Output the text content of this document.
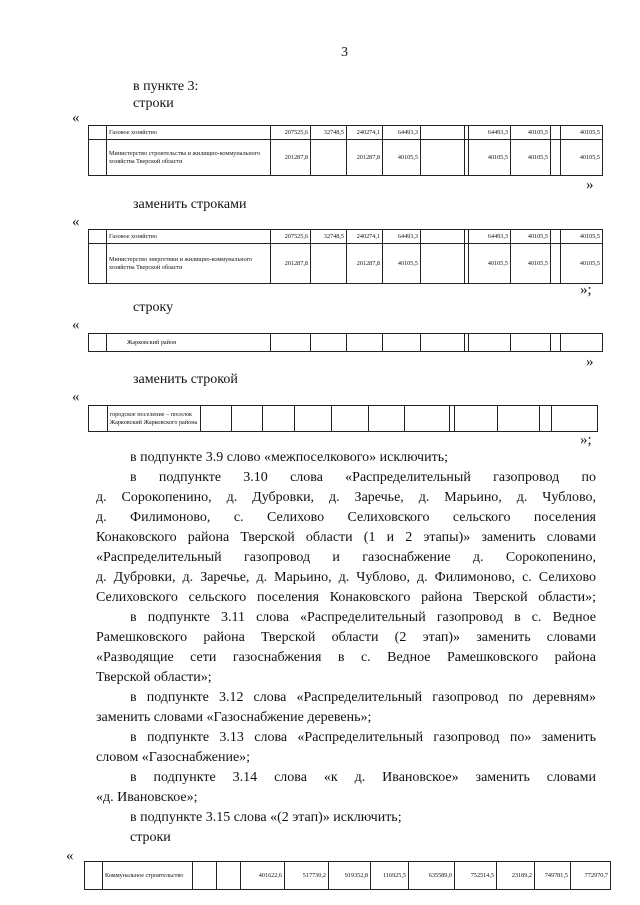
3
в пункте 3:
строки
«
	Газовое хозяйство	207525,6	32748,5	240274,1	64493,3			64493,3	40105,5		40105,5
	Министерство строительства и жилищно-коммунального хозяйства Тверской области	201287,8		201287,8	40105,5			40105,5	40105,5		40105,5
»
заменить строками
«
	Газовое хозяйство	207525,6	32748,5	240274,1	64493,3			64493,3	40105,5		40105,5
	Министерство энергетики и жилищно-коммунального хозяйства Тверской области	201287,8		201287,8	40105,5			40105,5	40105,5		40105,5
»;
строку
«
	Жарковский район										
»
заменить строкой
«
	городское поселение – поселок Жарковский Жарковского района												
»;
в подпункте 3.9 слово «межпоселкового» исключить;
в подпункте 3.10 слова «Распределительный газопровод по
д. Сорокопенино, д. Дубровки, д. Заречье, д. Марьино, д. Чублово,
д. Филимоново, с. Селихово Селиховского сельского поселения
Конаковского района Тверской области (1 и 2 этапы)» заменить словами
«Распределительный газопровод и газоснабжение д. Сорокопенино,
д. Дубровки, д. Заречье, д. Марьино, д. Чублово, д. Филимоново, с. Селихово
Селиховского сельского поселения Конаковского района Тверской области»;
в подпункте 3.11 слова «Распределительный газопровод в с. Ведное
Рамешковского района Тверской области (2 этап)» заменить словами
«Разводящие сети газоснабжения в с. Ведное Рамешковского района
Тверской области»;
в подпункте 3.12 слова «Распределительный газопровод по деревням»
заменить словами «Газоснабжение деревень»;
в подпункте 3.13 слова «Распределительный газопровод по» заменить
словом «Газоснабжение»;
в подпункте 3.14 слова «к д. Ивановское» заменить словами
«д. Ивановское»;
в подпункте 3.15 слова «(2 этап)» исключить;
строки
«
	Коммунальное строительство			401622,6	517730,2	919352,8	116925,5	635589,0	752514,5	23189,2	749781,5	772970,7
